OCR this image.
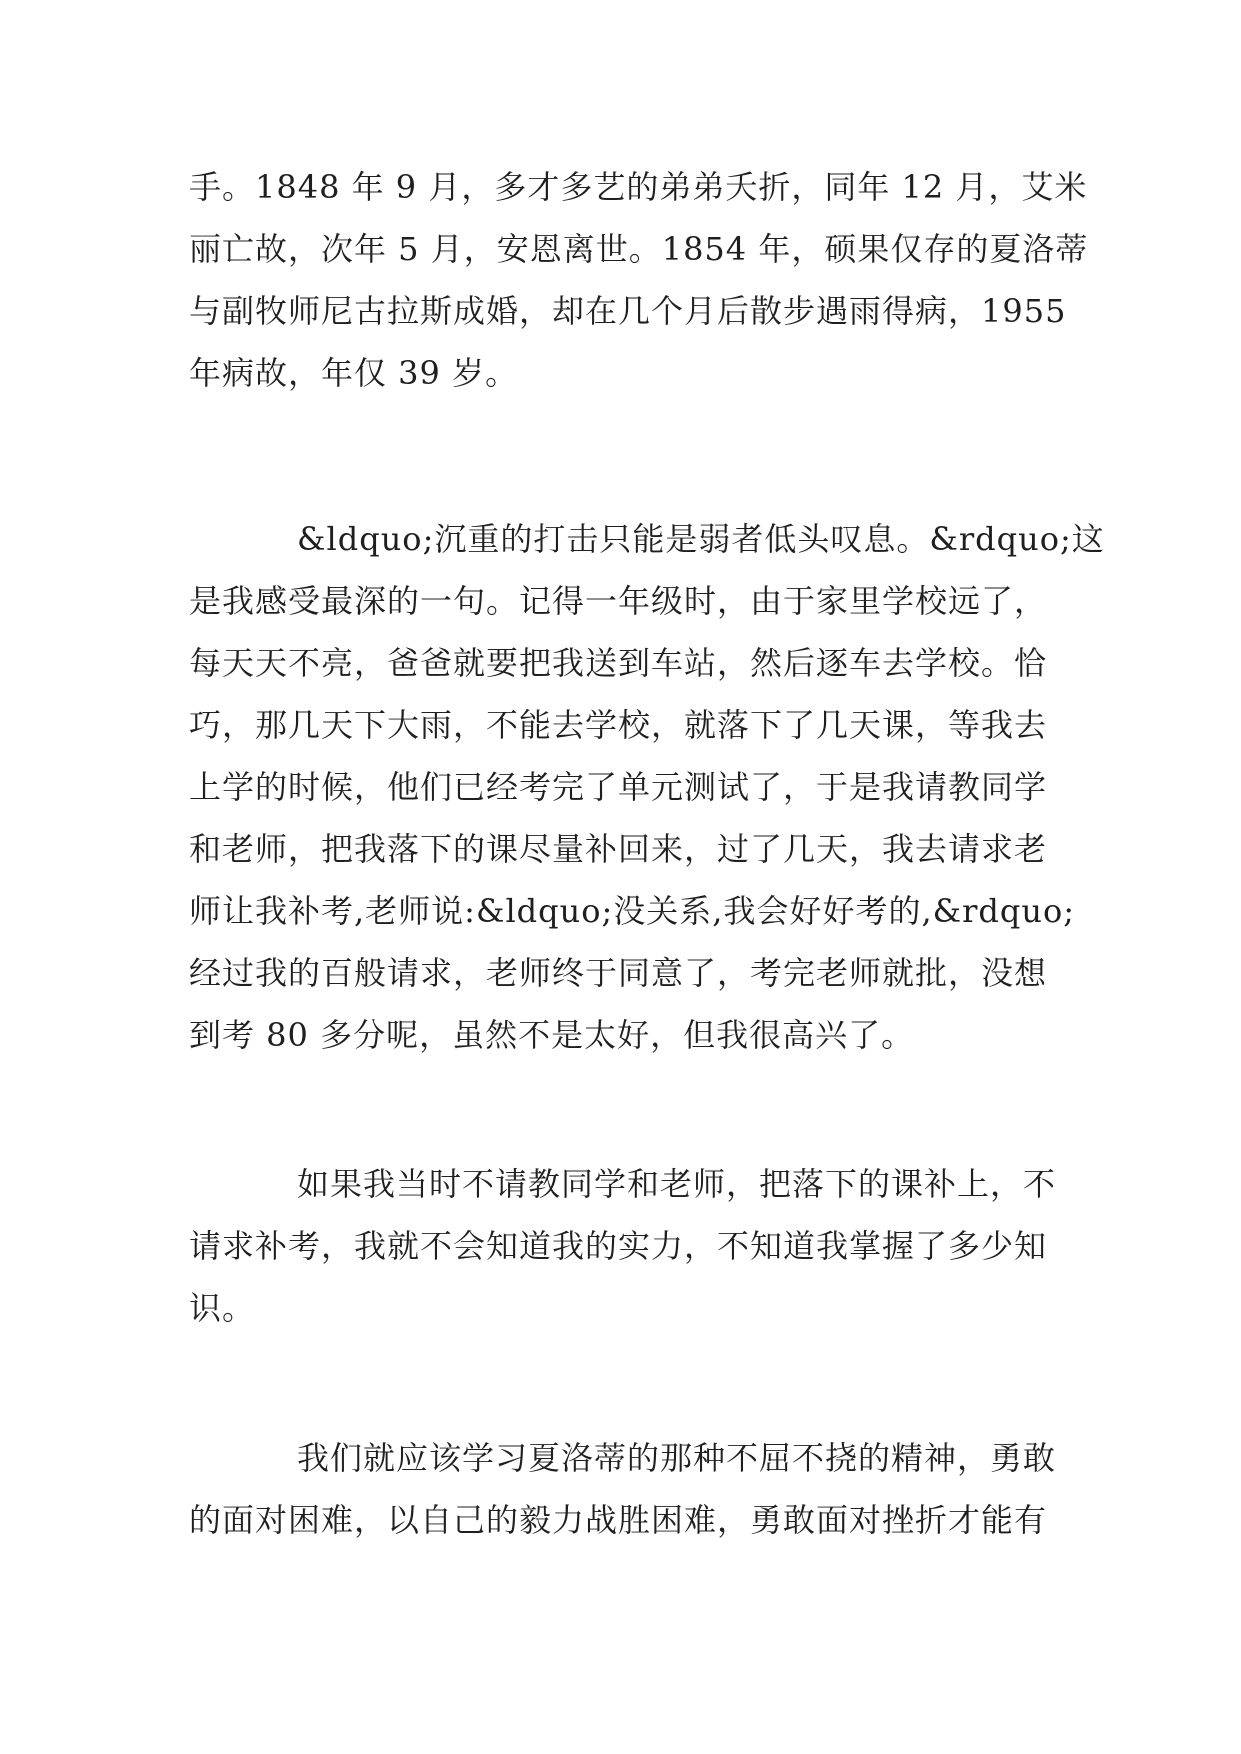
手。1848 年 9 月，多才多艺的弟弟夭折，同年 12 月，艾米
丽亡故，次年 5 月，安恩离世。1854 年，硕果仅存的夏洛蒂
与副牧师尼古拉斯成婚，却在几个月后散步遇雨得病，1955
年病故，年仅 39 岁。
&ldquo;沉重的打击只能是弱者低头叹息。&rdquo;这
是我感受最深的一句。记得一年级时，由于家里学校远了，
每天天不亮，爸爸就要把我送到车站，然后逐车去学校。恰
巧，那几天下大雨，不能去学校，就落下了几天课，等我去
上学的时候，他们已经考完了单元测试了，于是我请教同学
和老师，把我落下的课尽量补回来，过了几天，我去请求老
师让我补考,老师说:&ldquo;没关系,我会好好考的,&rdquo;
经过我的百般请求，老师终于同意了，考完老师就批，没想
到考 80 多分呢，虽然不是太好，但我很高兴了。
如果我当时不请教同学和老师，把落下的课补上，不
请求补考，我就不会知道我的实力，不知道我掌握了多少知
识。
我们就应该学习夏洛蒂的那种不屈不挠的精神，勇敢
的面对困难，以自己的毅力战胜困难，勇敢面对挫折才能有
